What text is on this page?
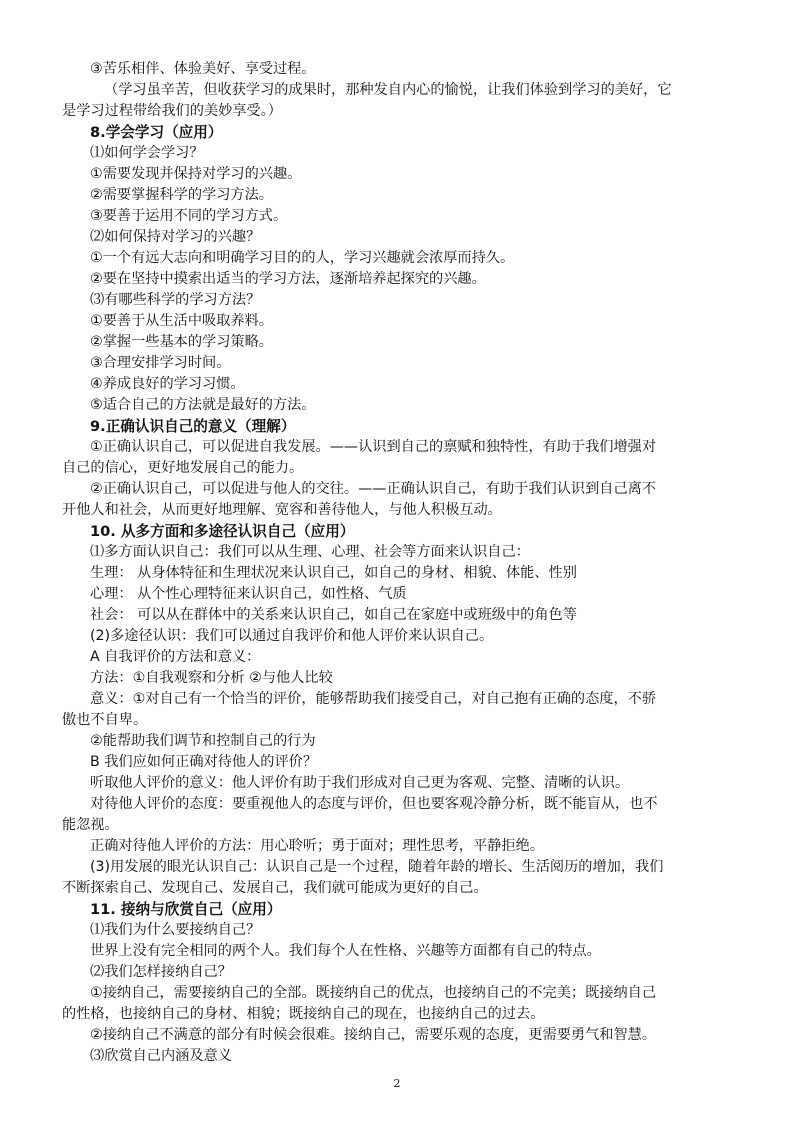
③苦乐相伴、体验美好、享受过程。
（学习虽辛苦，但收获学习的成果时，那种发自内心的愉悦，让我们体验到学习的美好，它
是学习过程带给我们的美妙享受。）
8.学会学习（应用）
⑴如何学会学习？
①需要发现并保持对学习的兴趣。
②需要掌握科学的学习方法。
③要善于运用不同的学习方式。
⑵如何保持对学习的兴趣？
①一个有远大志向和明确学习目的的人，学习兴趣就会浓厚而持久。
②要在坚持中摸索出适当的学习方法，逐渐培养起探究的兴趣。
⑶有哪些科学的学习方法？
①要善于从生活中吸取养料。
②掌握一些基本的学习策略。
③合理安排学习时间。
④养成良好的学习习惯。
⑤适合自己的方法就是最好的方法。
9.正确认识自己的意义（理解）
①正确认识自己，可以促进自我发展。——认识到自己的禀赋和独特性，有助于我们增强对
自己的信心，更好地发展自己的能力。
②正确认识自己，可以促进与他人的交往。——正确认识自己，有助于我们认识到自己离不
开他人和社会，从而更好地理解、宽容和善待他人，与他人积极互动。
10. 从多方面和多途径认识自己（应用）
⑴多方面认识自己：我们可以从生理、心理、社会等方面来认识自己：
生理： 从身体特征和生理状况来认识自己，如自己的身材、相貌、体能、性别
心理： 从个性心理特征来认识自己，如性格、气质
社会： 可以从在群体中的关系来认识自己，如自己在家庭中或班级中的角色等
(2)多途径认识：我们可以通过自我评价和他人评价来认识自己。
A 自我评价的方法和意义：
方法：①自我观察和分析 ②与他人比较
意义：①对自己有一个恰当的评价，能够帮助我们接受自己，对自己抱有正确的态度，不骄
傲也不自卑。
②能帮助我们调节和控制自己的行为
B 我们应如何正确对待他人的评价？
听取他人评价的意义：他人评价有助于我们形成对自己更为客观、完整、清晰的认识。
对待他人评价的态度：要重视他人的态度与评价，但也要客观冷静分析，既不能盲从，也不
能忽视。
正确对待他人评价的方法：用心聆听；勇于面对；理性思考，平静拒绝。
(3)用发展的眼光认识自己：认识自己是一个过程，随着年龄的增长、生活阅历的增加，我们
不断探索自己、发现自己、发展自己，我们就可能成为更好的自己。
11. 接纳与欣赏自己（应用）
⑴我们为什么要接纳自己？
世界上没有完全相同的两个人。我们每个人在性格、兴趣等方面都有自己的特点。
⑵我们怎样接纳自己？
①接纳自己，需要接纳自己的全部。既接纳自己的优点，也接纳自己的不完美；既接纳自己
的性格，也接纳自己的身材、相貌；既接纳自己的现在，也接纳自己的过去。
②接纳自己不满意的部分有时候会很难。接纳自己，需要乐观的态度，更需要勇气和智慧。
⑶欣赏自己内涵及意义
2
